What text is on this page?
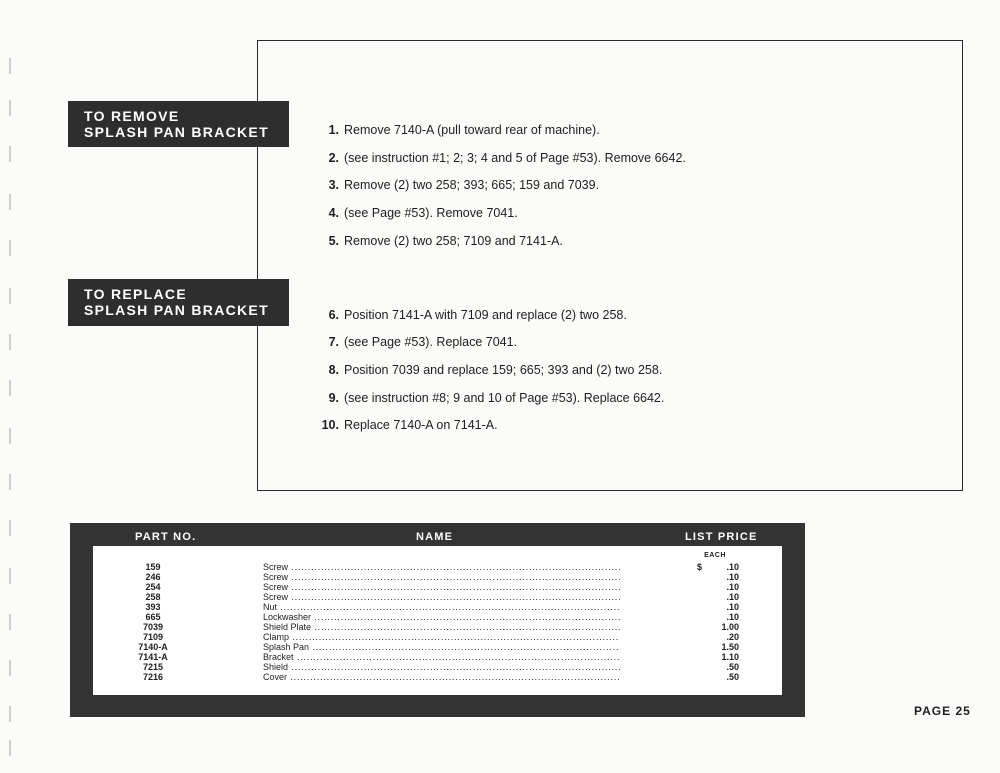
TO REMOVE
SPLASH PAN BRACKET
TO REPLACE
SPLASH PAN BRACKET
1. Remove 7140-A (pull toward rear of machine).
2. (see instruction #1; 2; 3; 4 and 5 of Page #53). Remove 6642.
3. Remove (2) two 258; 393; 665; 159 and 7039.
4. (see Page #53). Remove 7041.
5. Remove (2) two 258; 7109 and 7141-A.
6. Position 7141-A with 7109 and replace (2) two 258.
7. (see Page #53). Replace 7041.
8. Position 7039 and replace 159; 665; 393 and (2) two 258.
9. (see instruction #8; 9 and 10 of Page #53). Replace 6642.
10. Replace 7140-A on 7141-A.
PART NO.	NAME	LIST PRICE
EACH
159	Screw .....	$	.10
246	Screw .....	.10
254	Screw .....	.10
258	Screw .....	.10
393	Nut .....	.10
665	Lockwasher .....	.10
7039	Shield Plate .....	1.00
7109	Clamp .....	.20
7140-A	Splash Pan .....	1.50
7141-A	Bracket .....	1.10
7215	Shield .....	.50
7216	Cover .....	.50
PAGE 25
